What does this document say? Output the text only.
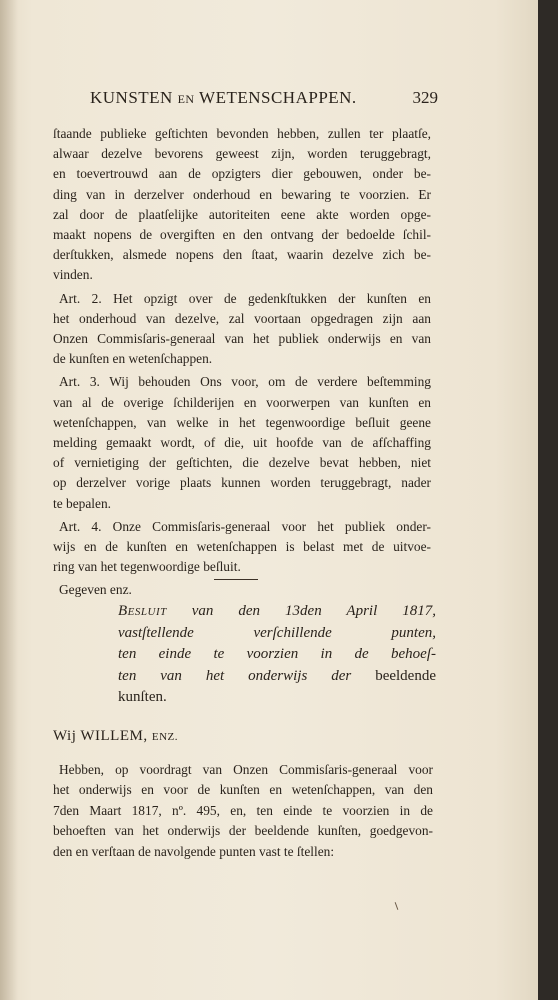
KUNSTEN EN WETENSCHAPPEN.	329
ſtaande publieke geſtichten bevonden hebben, zullen ter plaatſe,
alwaar dezelve bevorens geweest zijn, worden teruggebragt,
en toevertrouwd aan de opzigters dier gebouwen, onder be-
ding van in derzelver onderhoud en bewaring te voorzien. Er
zal door de plaatſelijke autoriteiten eene akte worden opge-
maakt nopens de overgiften en den ontvang der bedoelde ſchil-
derſtukken, alsmede nopens den ſtaat, waarin dezelve zich be-
vinden.
Art. 2. Het opzigt over de gedenkſtukken der kunſten en
het onderhoud van dezelve, zal voortaan opgedragen zijn aan
Onzen Commisſaris-generaal van het publiek onderwijs en van
de kunſten en wetenſchappen.
Art. 3. Wij behouden Ons voor, om de verdere beſtemming
van al de overige ſchilderijen en voorwerpen van kunſten en
wetenſchappen, van welke in het tegenwoordige beſluit geene
melding gemaakt wordt, of die, uit hoofde van de afſchaffing
of vernietiging der geſtichten, die dezelve bevat hebben, niet
op derzelver vorige plaats kunnen worden teruggebragt, nader
te bepalen.
Art. 4. Onze Commisſaris-generaal voor het publiek onder-
wijs en de kunſten en wetenſchappen is belast met de uitvoe-
ring van het tegenwoordige beſluit.
Gegeven enz.
Besluit van den 13den April 1817,
vastſtellende verſchillende punten,
ten einde te voorzien in de behoeſ-
ten van het onderwijs der beeldende
kunſten.
Wij WILLEM, ENZ.
Hebben, op voordragt van Onzen Commisſaris-generaal voor
het onderwijs en voor de kunſten en wetenſchappen, van den
7den Maart 1817, nº. 495, en, ten einde te voorzien in de
behoeften van het onderwijs der beeldende kunſten, goedgevon-
den en verſtaan de navolgende punten vast te ſtellen:
